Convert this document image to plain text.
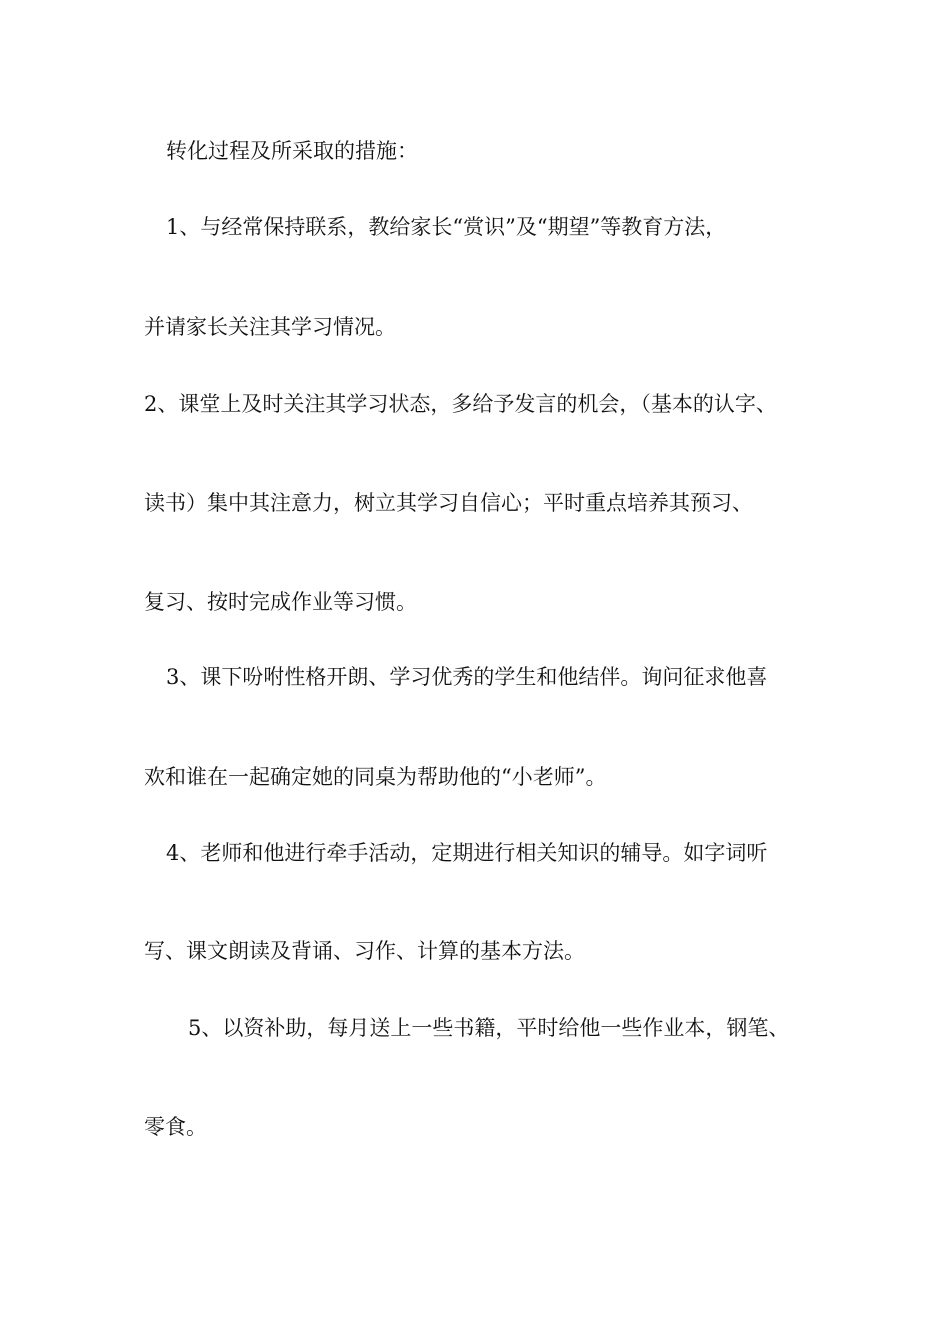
转化过程及所采取的措施：
1、与经常保持联系，教给家长“赏识”及“期望”等教育方法，
并请家长关注其学习情况。
2、课堂上及时关注其学习状态，多给予发言的机会，（基本的认字、
读书）集中其注意力，树立其学习自信心；平时重点培养其预习、
复习、按时完成作业等习惯。
3、课下吩咐性格开朗、学习优秀的学生和他结伴。询问征求他喜
欢和谁在一起确定她的同桌为帮助他的“小老师”。
4、老师和他进行牵手活动，定期进行相关知识的辅导。如字词听
写、课文朗读及背诵、习作、计算的基本方法。
5、以资补助，每月送上一些书籍，平时给他一些作业本，钢笔、
零食。
